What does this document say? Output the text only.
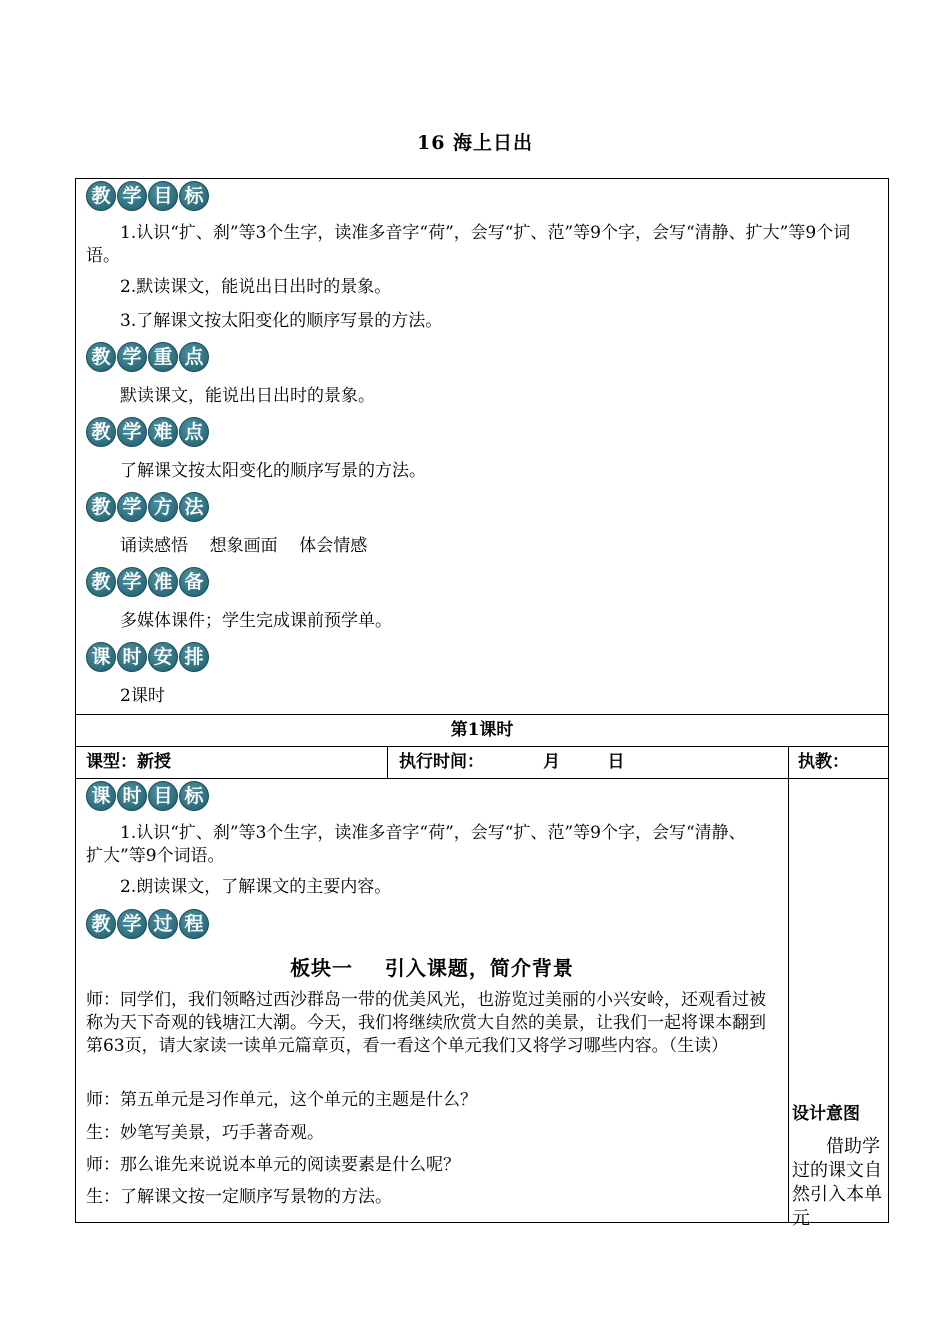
16 海上日出
教 学 目 标
1.认识“扩、刹”等3个生字，读准多音字“荷”，会写“扩、范”等9个字，会写“清静、扩大”等9个词语。
2.默读课文，能说出日出时的景象。
3.了解课文按太阳变化的顺序写景的方法。
教 学 重 点
默读课文，能说出日出时的景象。
教 学 难 点
了解课文按太阳变化的顺序写景的方法。
教 学 方 法
诵读感悟    想象画面    体会情感
教 学 准 备
多媒体课件；学生完成课前预学单。
课 时 安 排
2课时
第1课时
课型：新授	执行时间：          月        日	执教：
课 时 目 标
1.认识“扩、刹”等3个生字，读准多音字“荷”，会写“扩、范”等9个字，会写“清静、扩大”等9个词语。
2.朗读课文，了解课文的主要内容。
教 学 过 程
板块一    引入课题，简介背景
师：同学们，我们领略过西沙群岛一带的优美风光，也游览过美丽的小兴安岭，还观看过被称为天下奇观的钱塘江大潮。今天，我们将继续欣赏大自然的美景，让我们一起将课本翻到第63页，请大家读一读单元篇章页，看一看这个单元我们又将学习哪些内容。（生读）
师：第五单元是习作单元，这个单元的主题是什么？
生：妙笔写美景，巧手著奇观。
师：那么谁先来说说本单元的阅读要素是什么呢？
生：了解课文按一定顺序写景物的方法。
设计意图
借助学过的课文自然引入本单元
